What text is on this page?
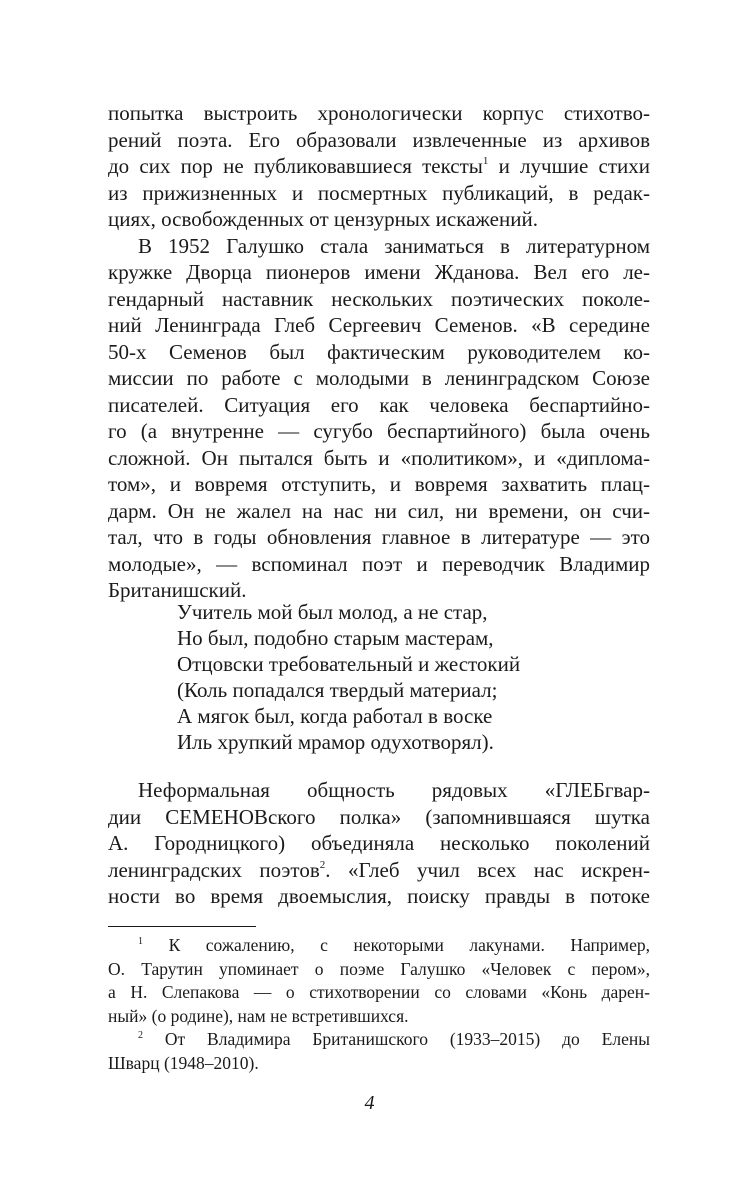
попытка выстроить хронологически корпус стихотво-
рений поэта. Его образовали извлеченные из архивов
до сих пор не публиковавшиеся тексты$^1$ и лучшие стихи
из прижизненных и посмертных публикаций, в редак-
циях, освобожденных от цензурных искажений.
В 1952 Галушко стала заниматься в литературном
кружке Дворца пионеров имени Жданова. Вел его ле-
гендарный наставник нескольких поэтических поколе-
ний Ленинграда Глеб Сергеевич Семенов. «В середине
50-х Семенов был фактическим руководителем ко-
миссии по работе с молодыми в ленинградском Союзе
писателей. Ситуация его как человека беспартийно-
го (а внутренне — сугубо беспартийного) была очень
сложной. Он пытался быть и «политиком», и «диплома-
том», и вовремя отступить, и вовремя захватить плац-
дарм. Он не жалел на нас ни сил, ни времени, он счи-
тал, что в годы обновления главное в литературе — это
молодые», — вспоминал поэт и переводчик Владимир
Британишский.
Учитель мой был молод, а не стар,
Но был, подобно старым мастерам,
Отцовски требовательный и жестокий
(Коль попадался твердый материал;
А мягок был, когда работал в воске
Иль хрупкий мрамор одухотворял).
Неформальная общность рядовых «ГЛЕБгвар-
дии СЕМЕНОВского полка» (запомнившаяся шутка
А. Городницкого) объединяла несколько поколений
ленинградских поэтов$^2$. «Глеб учил всех нас искрен-
ности во время двоемыслия, поиску правды в потоке
$^1$ К сожалению, с некоторыми лакунами. Например,
О. Тарутин упоминает о поэме Галушко «Человек с пером»,
а Н. Слепакова — о стихотворении со словами «Конь дарен-
ный» (о родине), нам не встретившихся.
$^2$ От Владимира Британишского (1933–2015) до Елены
Шварц (1948–2010).
4
